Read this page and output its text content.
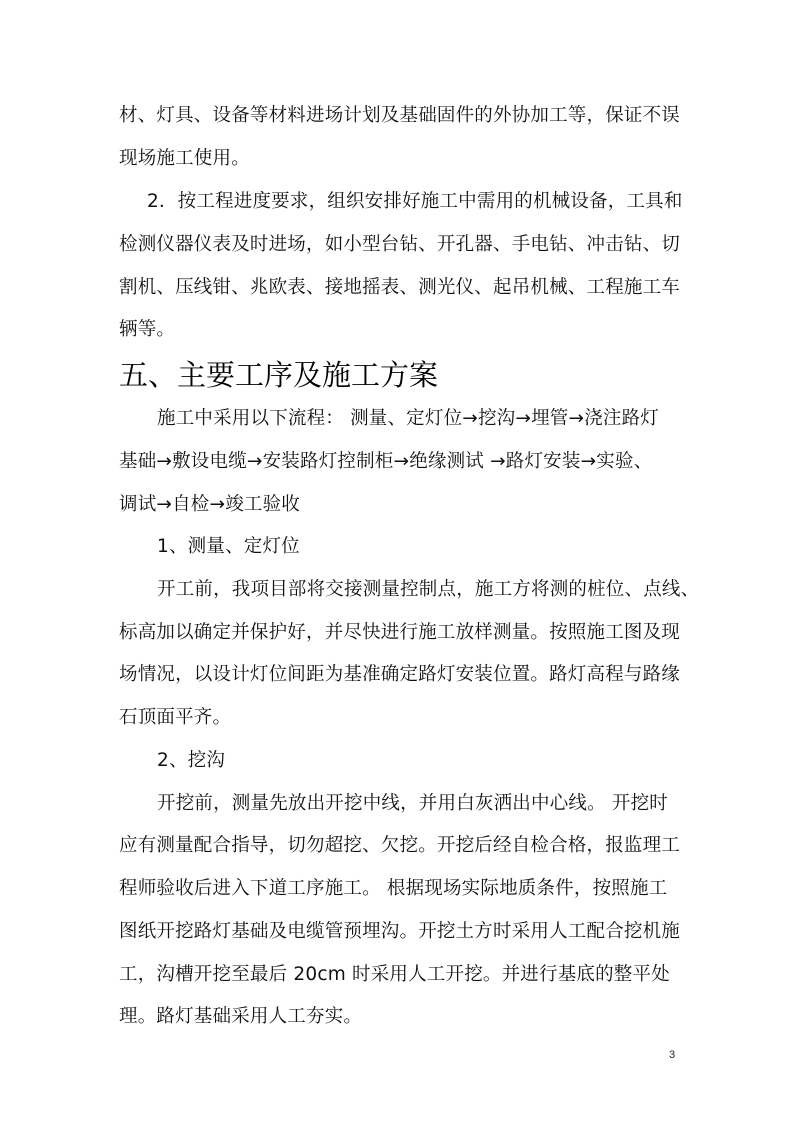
材、灯具、设备等材料进场计划及基础固件的外协加工等，保证不误
现场施工使用。
2．按工程进度要求，组织安排好施工中需用的机械设备，工具和
检测仪器仪表及时进场，如小型台钻、开孔器、手电钻、冲击钻、切
割机、压线钳、兆欧表、接地摇表、测光仪、起吊机械、工程施工车
辆等。
五、主要工序及施工方案
施工中采用以下流程： 测量、定灯位→挖沟→埋管→浇注路灯
基础→敷设电缆→安装路灯控制柜→绝缘测试 →路灯安装→实验、
调试→自检→竣工验收
1、测量、定灯位
开工前，我项目部将交接测量控制点，施工方将测的桩位、点线、
标高加以确定并保护好，并尽快进行施工放样测量。按照施工图及现
场情况，以设计灯位间距为基准确定路灯安装位置。路灯高程与路缘
石顶面平齐。
2、挖沟
开挖前，测量先放出开挖中线，并用白灰洒出中心线。 开挖时
应有测量配合指导，切勿超挖、欠挖。开挖后经自检合格，报监理工
程师验收后进入下道工序施工。 根据现场实际地质条件，按照施工
图纸开挖路灯基础及电缆管预埋沟。开挖土方时采用人工配合挖机施
工，沟槽开挖至最后 20cm 时采用人工开挖。并进行基底的整平处
理。路灯基础采用人工夯实。
3
